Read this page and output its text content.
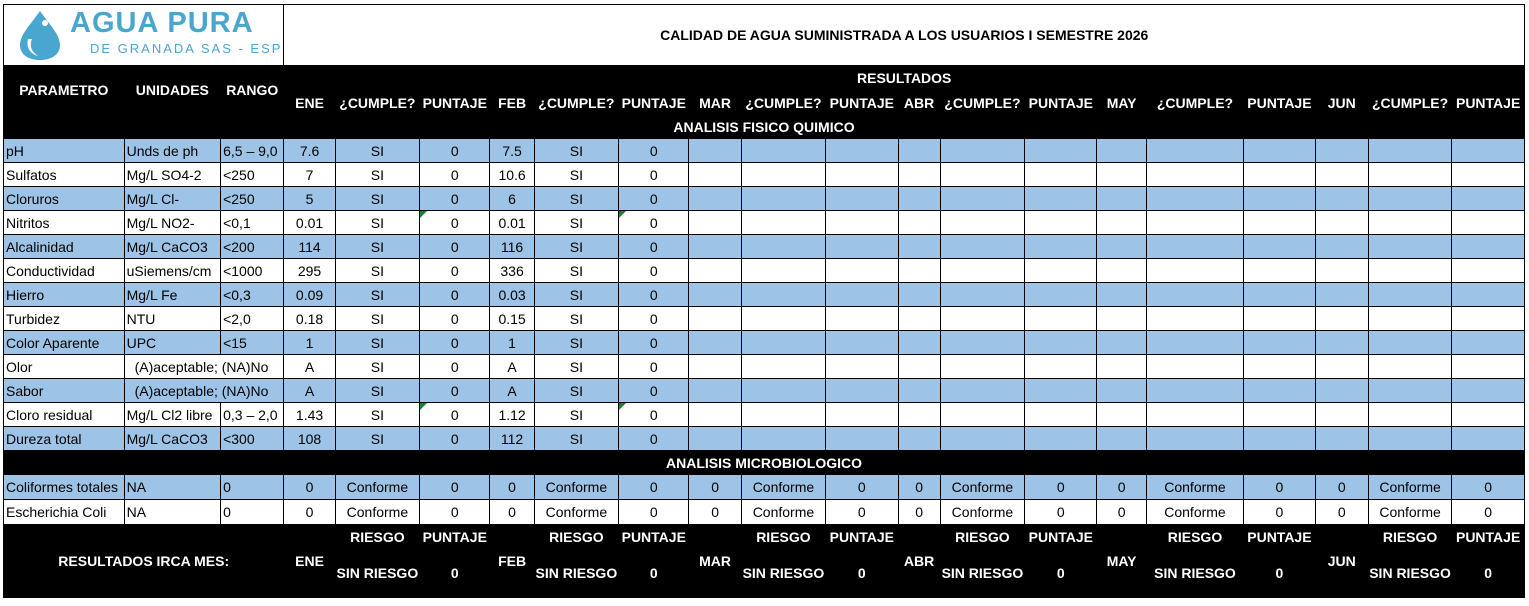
AGUA PURA
DE GRANADA SAS - ESP			CALIDAD DE AGUA SUMINISTRADA A LOS USUARIOS I SEMESTRE 2026																	
PARAMETRO	UNIDADES	RANGO	RESULTADOS																	
			ENE	¿CUMPLE?	PUNTAJE	FEB	¿CUMPLE?	PUNTAJE	MAR	¿CUMPLE?	PUNTAJE	ABR	¿CUMPLE?	PUNTAJE	MAY	¿CUMPLE?	PUNTAJE	JUN	¿CUMPLE?	PUNTAJE
ANALISIS FISICO QUIMICO																				
pH	Unds de ph	6,5 – 9,0	7.6	SI	0	7.5	SI	0												
Sulfatos	Mg/L SO4-2	<250	7	SI	0	10.6	SI	0												
Cloruros	Mg/L Cl-	<250	5	SI	0	6	SI	0												
Nitritos	Mg/L NO2-	<0,1	0.01	SI	0	0.01	SI	0												
Alcalinidad	Mg/L CaCO3	<200	114	SI	0	116	SI	0												
Conductividad	uSiemens/cm	<1000	295	SI	0	336	SI	0												
Hierro	Mg/L Fe	<0,3	0.09	SI	0	0.03	SI	0												
Turbidez	NTU	<2,0	0.18	SI	0	0.15	SI	0												
Color Aparente	UPC	<15	1	SI	0	1	SI	0												
Olor	(A)aceptable; (NA)No		A	SI	0	A	SI	0												
Sabor	(A)aceptable; (NA)No		A	SI	0	A	SI	0												
Cloro residual	Mg/L Cl2 libre	0,3 – 2,0	1.43	SI	0	1.12	SI	0												
Dureza total	Mg/L CaCO3	<300	108	SI	0	112	SI	0												
ANALISIS MICROBIOLOGICO																				
Coliformes totales	NA	0	0	Conforme	0	0	Conforme	0	0	Conforme	0	0	Conforme	0	0	Conforme	0	0	Conforme	0
Escherichia Coli	NA	0	0	Conforme	0	0	Conforme	0	0	Conforme	0	0	Conforme	0	0	Conforme	0	0	Conforme	0
RESULTADOS IRCA MES:			ENE	RIESGO	PUNTAJE	FEB	RIESGO	PUNTAJE	MAR	RIESGO	PUNTAJE	ABR	RIESGO	PUNTAJE	MAY	RIESGO	PUNTAJE	JUN	RIESGO	PUNTAJE
				SIN RIESGO	0		SIN RIESGO	0		SIN RIESGO	0		SIN RIESGO	0		SIN RIESGO	0		SIN RIESGO	0
